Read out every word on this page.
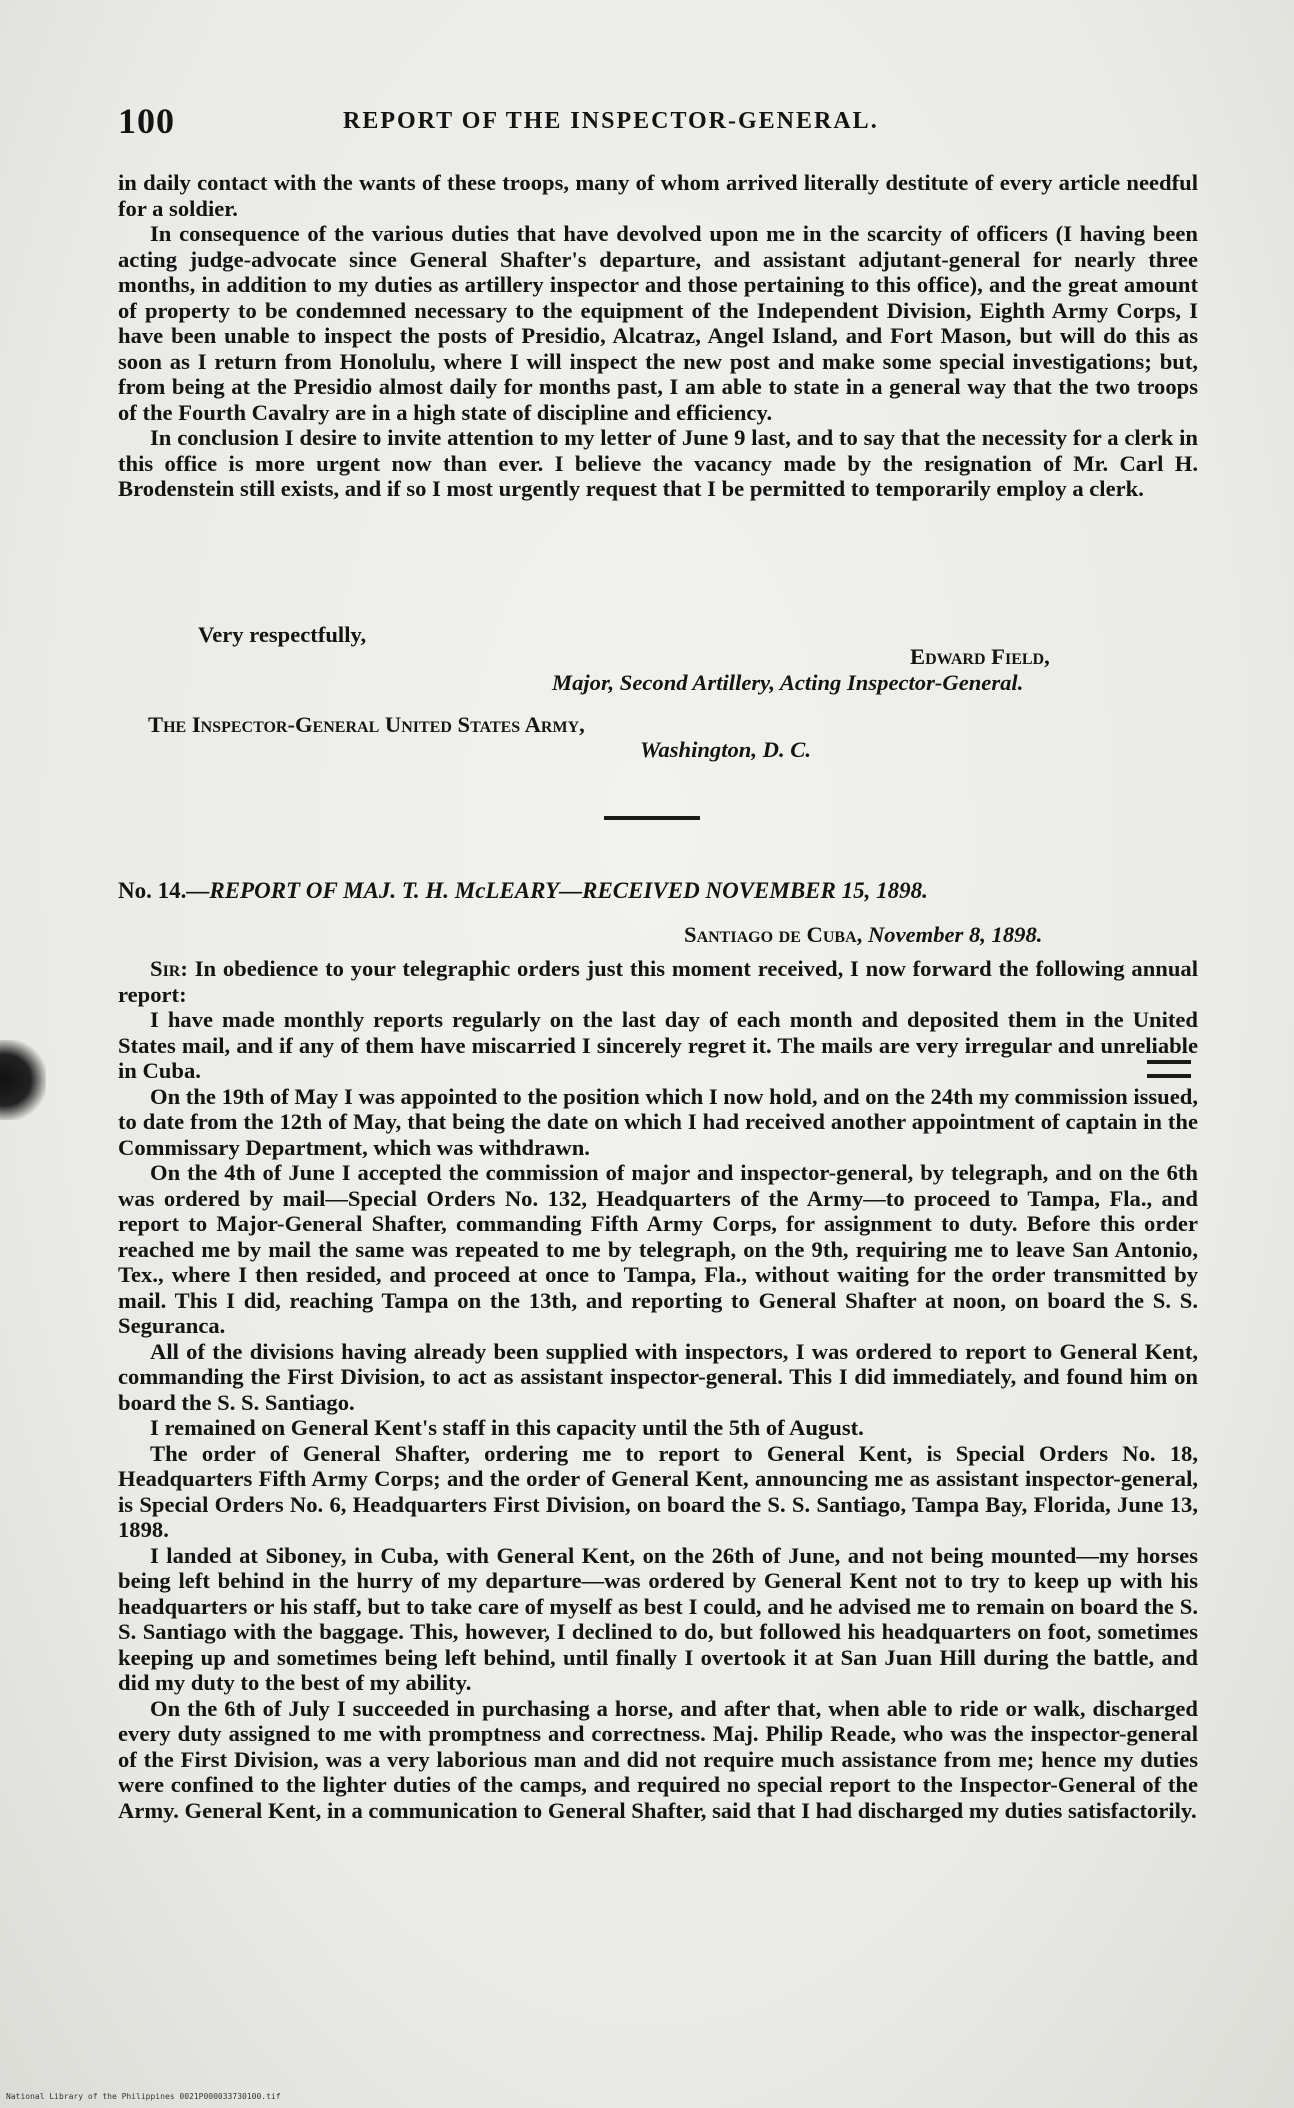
100	REPORT OF THE INSPECTOR-GENERAL.

in daily contact with the wants of these troops, many of whom arrived literally destitute of every article needful for a soldier.

In consequence of the various duties that have devolved upon me in the scarcity of officers (I having been acting judge-advocate since General Shafter's departure, and assistant adjutant-general for nearly three months, in addition to my duties as artillery inspector and those pertaining to this office), and the great amount of property to be condemned necessary to the equipment of the Independent Division, Eighth Army Corps, I have been unable to inspect the posts of Presidio, Alcatraz, Angel Island, and Fort Mason, but will do this as soon as I return from Honolulu, where I will inspect the new post and make some special investigations; but, from being at the Presidio almost daily for months past, I am able to state in a general way that the two troops of the Fourth Cavalry are in a high state of discipline and efficiency.

In conclusion I desire to invite attention to my letter of June 9 last, and to say that the necessity for a clerk in this office is more urgent now than ever. I believe the vacancy made by the resignation of Mr. Carl H. Brodenstein still exists, and if so I most urgently request that I be permitted to temporarily employ a clerk.

Very respectfully,
Edward Field,
Major, Second Artillery, Acting Inspector-General.
The Inspector-General United States Army,
Washington, D. C.
No. 14.—REPORT OF MAJ. T. H. McLEARY—RECEIVED NOVEMBER 15, 1898.
Santiago de Cuba, November 8, 1898.

Sir: In obedience to your telegraphic orders just this moment received, I now forward the following annual report:

I have made monthly reports regularly on the last day of each month and deposited them in the United States mail, and if any of them have miscarried I sincerely regret it. The mails are very irregular and unreliable in Cuba.

On the 19th of May I was appointed to the position which I now hold, and on the 24th my commission issued, to date from the 12th of May, that being the date on which I had received another appointment of captain in the Commissary Department, which was withdrawn.

On the 4th of June I accepted the commission of major and inspector-general, by telegraph, and on the 6th was ordered by mail—Special Orders No. 132, Headquarters of the Army—to proceed to Tampa, Fla., and report to Major-General Shafter, commanding Fifth Army Corps, for assignment to duty. Before this order reached me by mail the same was repeated to me by telegraph, on the 9th, requiring me to leave San Antonio, Tex., where I then resided, and proceed at once to Tampa, Fla., without waiting for the order transmitted by mail. This I did, reaching Tampa on the 13th, and reporting to General Shafter at noon, on board the S. S. Seguranca.

All of the divisions having already been supplied with inspectors, I was ordered to report to General Kent, commanding the First Division, to act as assistant inspector-general. This I did immediately, and found him on board the S. S. Santiago.

I remained on General Kent's staff in this capacity until the 5th of August.

The order of General Shafter, ordering me to report to General Kent, is Special Orders No. 18, Headquarters Fifth Army Corps; and the order of General Kent, announcing me as assistant inspector-general, is Special Orders No. 6, Headquarters First Division, on board the S. S. Santiago, Tampa Bay, Florida, June 13, 1898.

I landed at Siboney, in Cuba, with General Kent, on the 26th of June, and not being mounted—my horses being left behind in the hurry of my departure—was ordered by General Kent not to try to keep up with his headquarters or his staff, but to take care of myself as best I could, and he advised me to remain on board the S. S. Santiago with the baggage. This, however, I declined to do, but followed his headquarters on foot, sometimes keeping up and sometimes being left behind, until finally I overtook it at San Juan Hill during the battle, and did my duty to the best of my ability.

On the 6th of July I succeeded in purchasing a horse, and after that, when able to ride or walk, discharged every duty assigned to me with promptness and correctness. Maj. Philip Reade, who was the inspector-general of the First Division, was a very laborious man and did not require much assistance from me; hence my duties were confined to the lighter duties of the camps, and required no special report to the Inspector-General of the Army. General Kent, in a communication to General Shafter, said that I had discharged my duties satisfactorily.

National Library of the Philippines 0021P000033730100.tif
